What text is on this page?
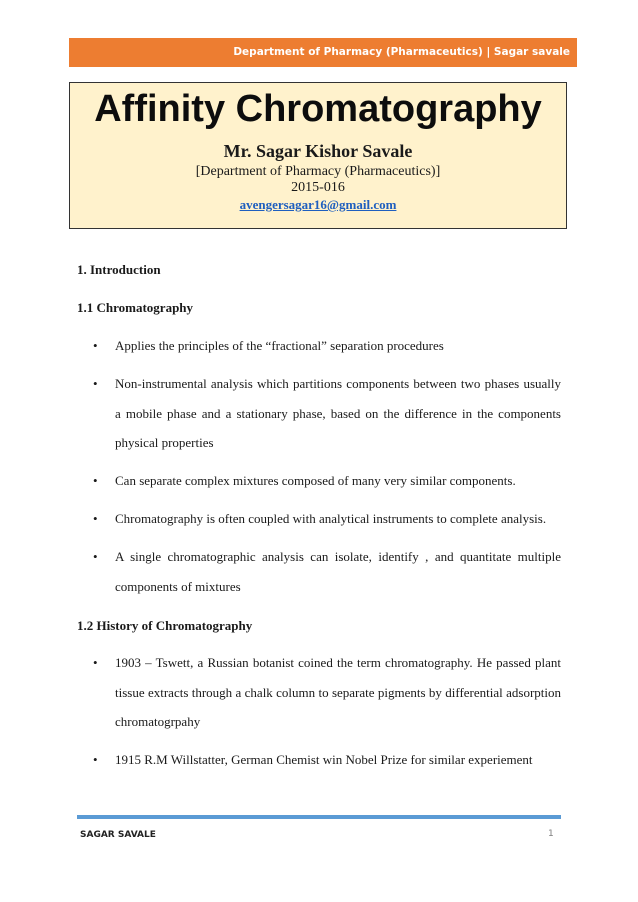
Department of Pharmacy (Pharmaceutics) | Sagar savale
Affinity Chromatography
Mr. Sagar Kishor Savale
[Department of Pharmacy (Pharmaceutics)]
2015-016
avengersagar16@gmail.com
1. Introduction
1.1 Chromatography
• Applies the principles of the “fractional” separation procedures
• Non-instrumental analysis which partitions components between two phases usually a mobile phase and a stationary phase, based on the difference in the components physical properties
• Can separate complex mixtures composed of many very similar components.
• Chromatography is often coupled with analytical instruments to complete analysis.
• A single chromatographic analysis can isolate, identify , and quantitate multiple components of mixtures
1.2 History of Chromatography
• 1903 – Tswett, a Russian botanist coined the term chromatography. He passed plant tissue extracts through a chalk column to separate pigments by differential adsorption chromatogrpahy
• 1915 R.M Willstatter, German Chemist win Nobel Prize for similar experiement
SAGAR SAVALE	1
